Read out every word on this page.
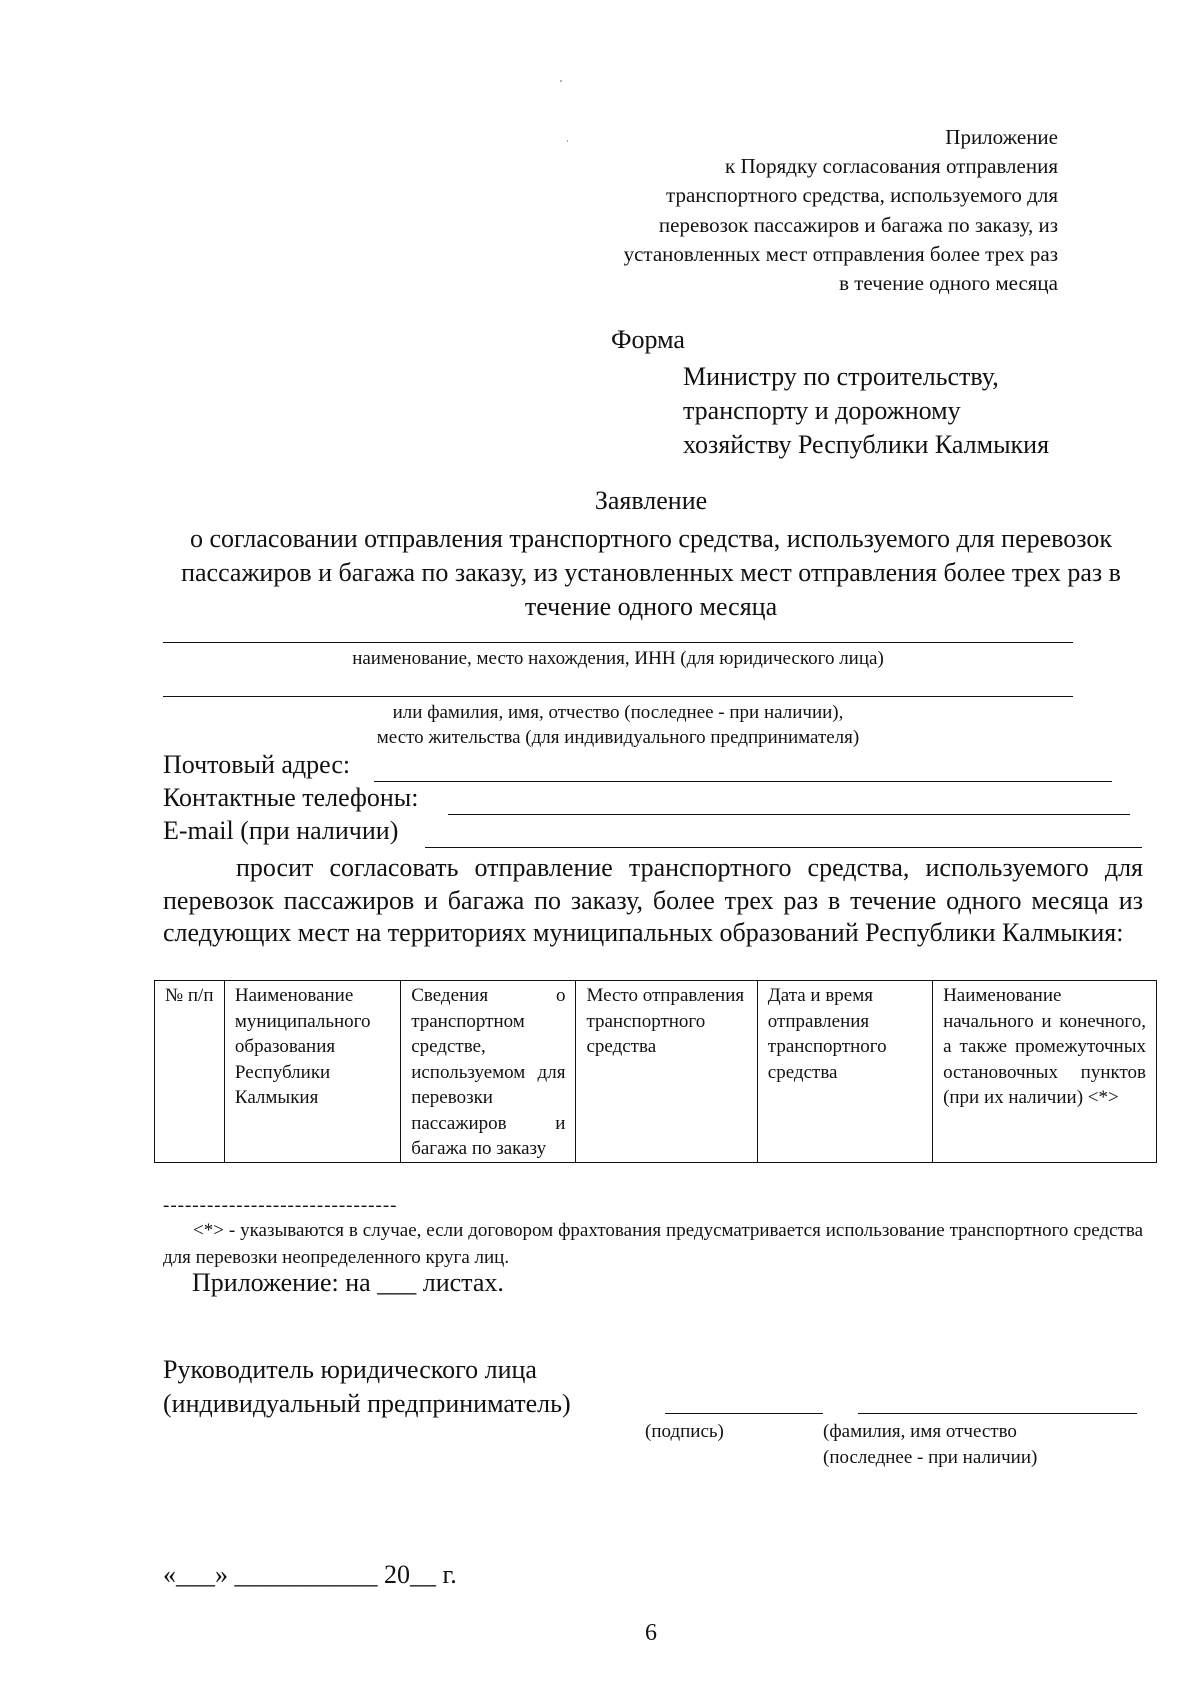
Приложение
к Порядку согласования отправления
транспортного средства, используемого для
перевозок пассажиров и багажа по заказу, из
установленных мест отправления более трех раз
в течение одного месяца
Форма
Министру по строительству,
транспорту и дорожному
хозяйству Республики Калмыкия
Заявление
о согласовании отправления транспортного средства, используемого для перевозок пассажиров и багажа по заказу, из установленных мест отправления более трех раз в течение одного месяца
наименование, место нахождения, ИНН (для юридического лица)
или фамилия, имя, отчество (последнее - при наличии),
место жительства (для индивидуального предпринимателя)
Почтовый адрес:
Контактные телефоны:
E-mail (при наличии)
просит согласовать отправление транспортного средства, используемого для перевозок пассажиров и багажа по заказу, более трех раз в течение одного месяца из следующих мест на территориях муниципальных образований Республики Калмыкия:
№ п/п	Наименование муниципального образования Республики Калмыкия	Сведения о транспортном средстве, используемом для перевозки пассажиров и багажа по заказу	Место отправления транспортного средства	Дата и время отправления транспортного средства	Наименование начального и конечного, а также промежуточных остановочных пунктов (при их наличии) <*>
--------------------------------
<*> - указываются в случае, если договором фрахтования предусматривается использование транспортного средства для перевозки неопределенного круга лиц.
Приложение: на ___ листах.
Руководитель юридического лица
(индивидуальный предприниматель)
(подпись)	(фамилия, имя отчество
(последнее - при наличии)
«___» ___________ 20__ г.
6
